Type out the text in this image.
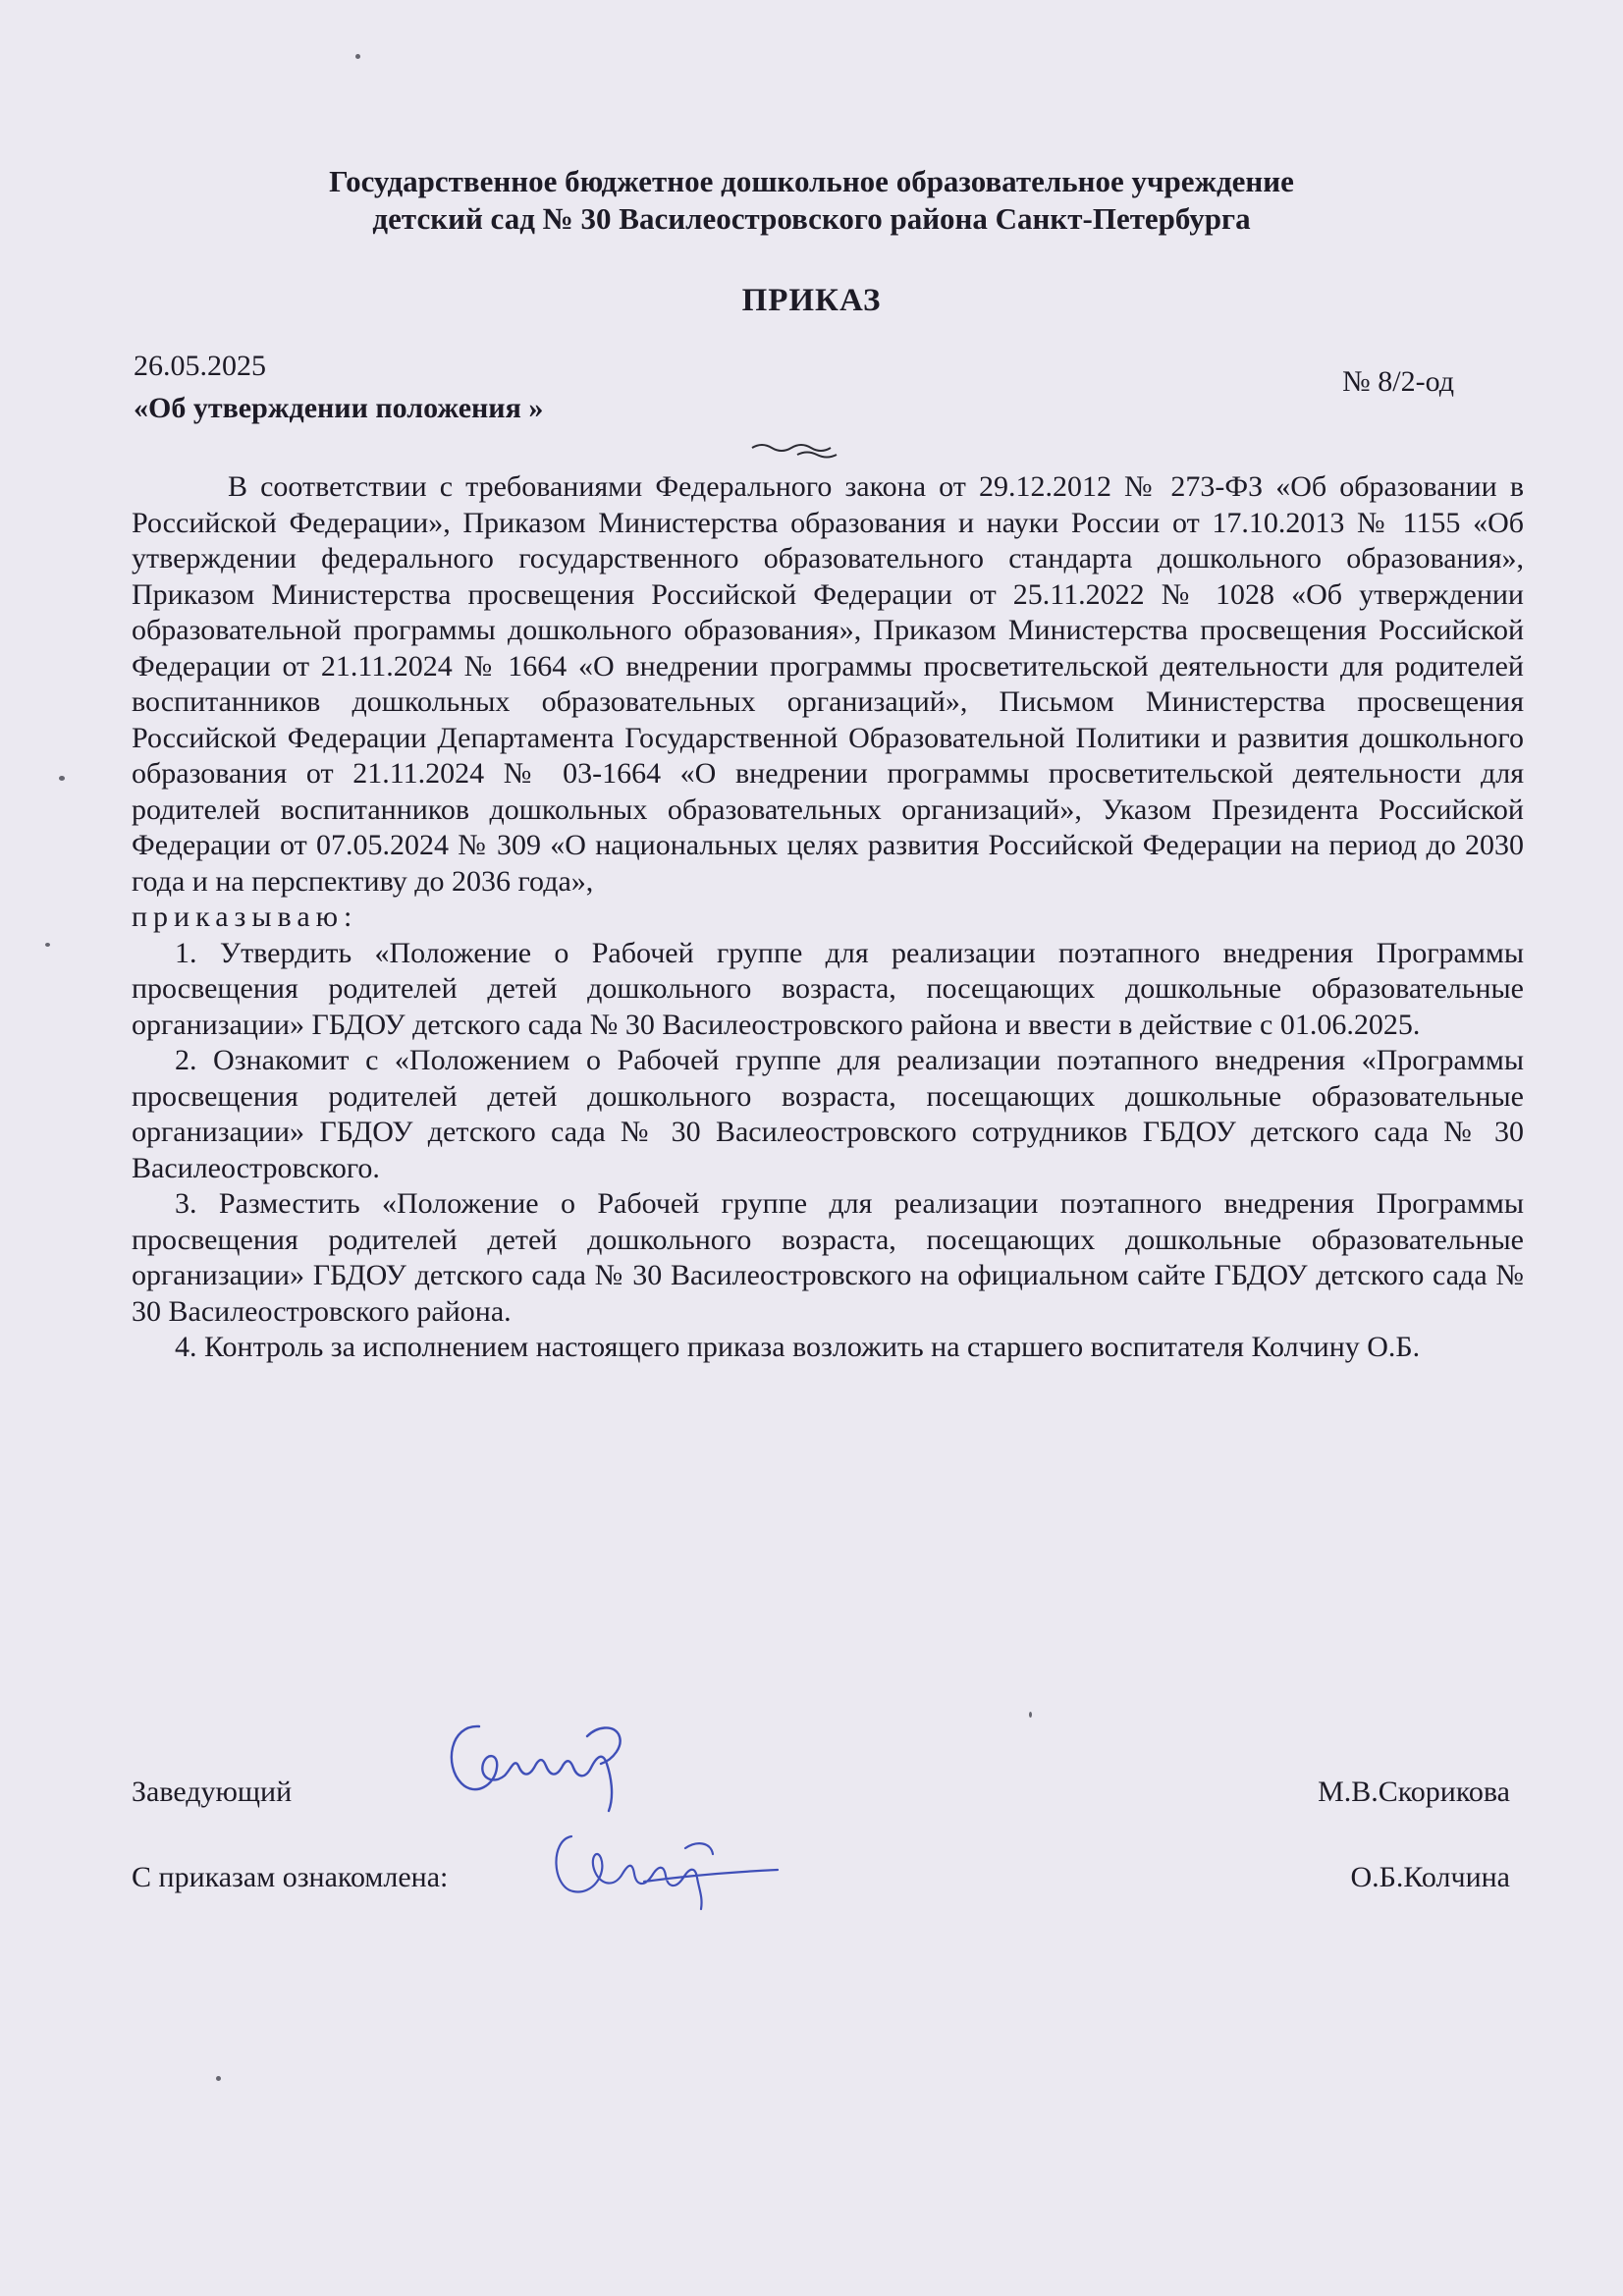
Государственное бюджетное дошкольное образовательное учреждение
детский сад № 30 Василеостровского района Санкт-Петербурга
ПРИКАЗ
26.05.2025	№ 8/2-од
«Об утверждении положения »

В соответствии с требованиями Федерального закона от 29.12.2012 № 273-ФЗ «Об образовании в Российской Федерации», Приказом Министерства образования и науки России от 17.10.2013 № 1155 «Об утверждении федерального государственного образовательного стандарта дошкольного образования», Приказом Министерства просвещения Российской Федерации от 25.11.2022 № 1028 «Об утверждении образовательной программы дошкольного образования», Приказом Министерства просвещения Российской Федерации от 21.11.2024 № 1664 «О внедрении программы просветительской деятельности для родителей воспитанников дошкольных образовательных организаций», Письмом Министерства просвещения Российской Федерации Департамента Государственной Образовательной Политики и развития дошкольного образования от 21.11.2024 № 03-1664 «О внедрении программы просветительской деятельности для родителей воспитанников дошкольных образовательных организаций», Указом Президента Российской Федерации от 07.05.2024 № 309 «О национальных целях развития Российской Федерации на период до 2030 года и на перспективу до 2036 года»,

приказываю:

1. Утвердить «Положение о Рабочей группе для реализации поэтапного внедрения Программы просвещения родителей детей дошкольного возраста, посещающих дошкольные образовательные организации» ГБДОУ детского сада № 30 Василеостровского района и ввести в действие с 01.06.2025.

2. Ознакомит с «Положением о Рабочей группе для реализации поэтапного внедрения «Программы просвещения родителей детей дошкольного возраста, посещающих дошкольные образовательные организации» ГБДОУ детского сада № 30 Василеостровского сотрудников ГБДОУ детского сада № 30 Василеостровского.

3. Разместить «Положение о Рабочей группе для реализации поэтапного внедрения Программы просвещения родителей детей дошкольного возраста, посещающих дошкольные образовательные организации» ГБДОУ детского сада № 30 Василеостровского на официальном сайте ГБДОУ детского сада № 30 Василеостровского района.

4. Контроль за исполнением настоящего приказа возложить на старшего воспитателя Колчину О.Б.

Заведующий	М.В.Скорикова
С приказам ознакомлена:	О.Б.Колчина
